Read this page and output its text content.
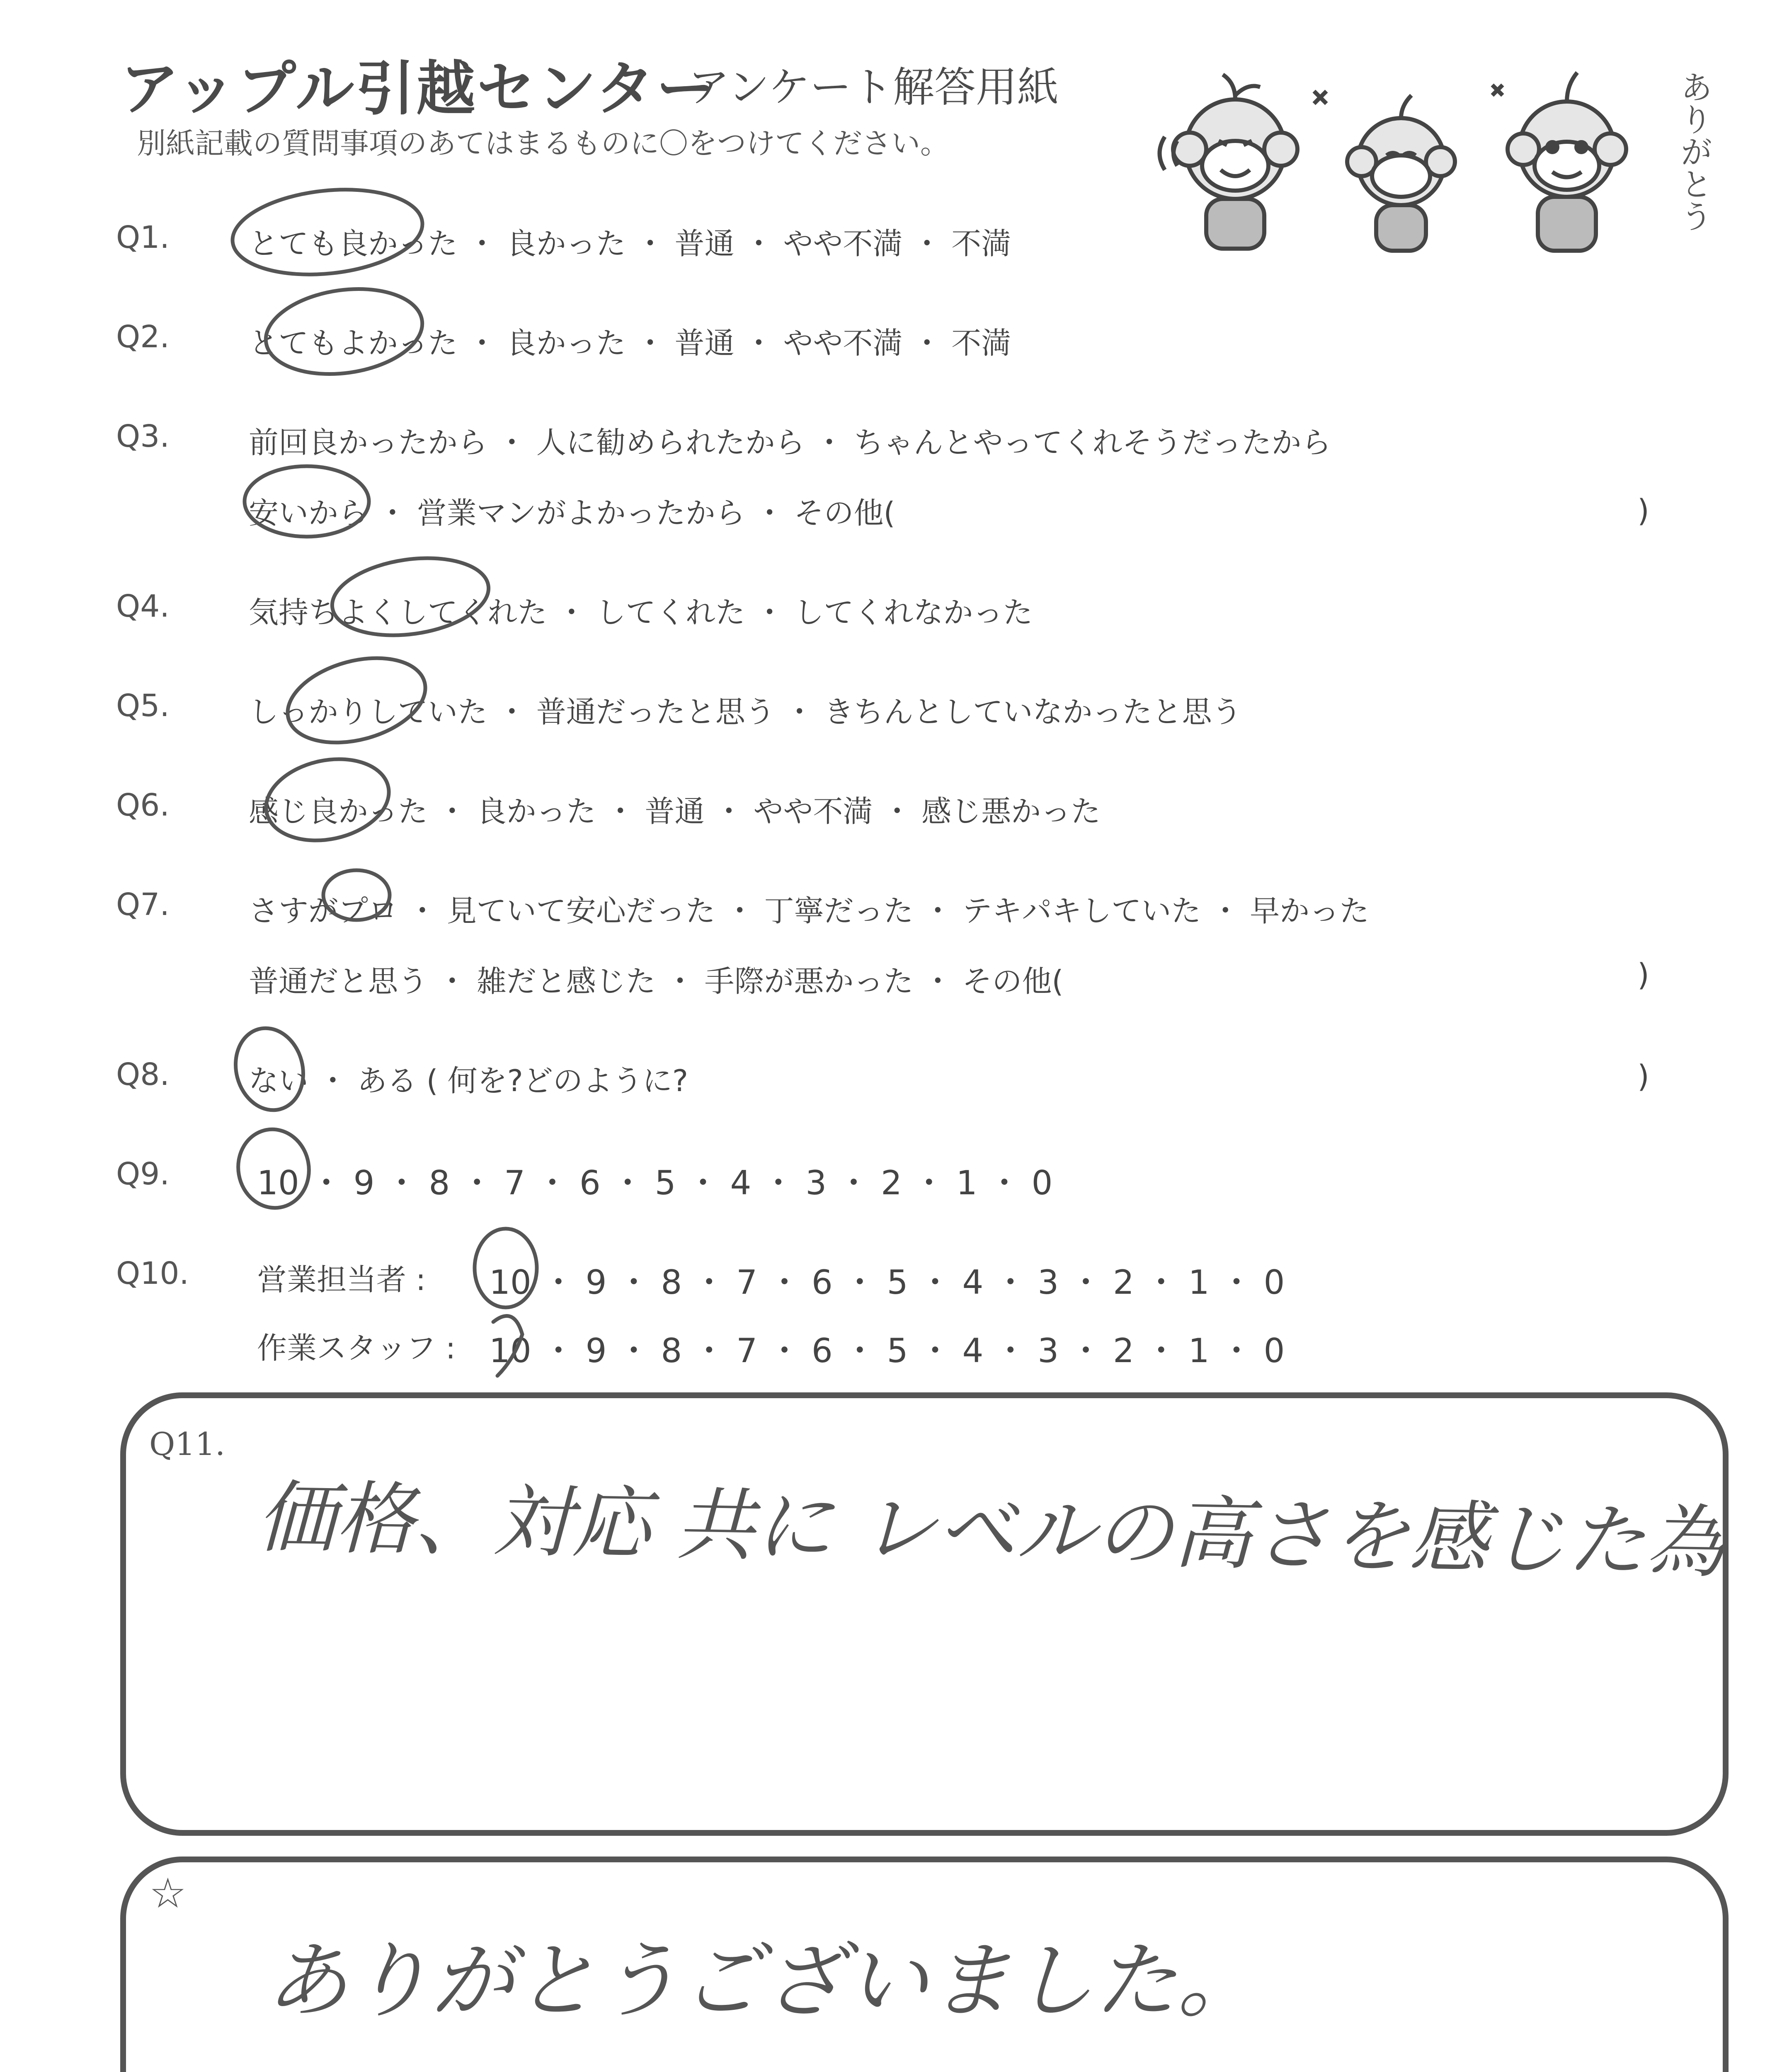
アップル引越センター
アンケート解答用紙
別紙記載の質問事項のあてはまるものに〇をつけてください。	ありがとう
Q1.	とても良かった ・ 良かった ・ 普通 ・ やや不満 ・ 不満
Q2.	とてもよかった ・ 良かった ・ 普通 ・ やや不満 ・ 不満
Q3.	前回良かったから ・ 人に勧められたから ・ ちゃんとやってくれそうだったから
安いから ・ 営業マンがよかったから ・ その他(	)
Q4.	気持ちよくしてくれた ・ してくれた ・ してくれなかった
Q5.	しっかりしていた ・ 普通だったと思う ・ きちんとしていなかったと思う
Q6.	感じ良かった ・ 良かった ・ 普通 ・ やや不満 ・ 感じ悪かった
Q7.	さすがプロ ・ 見ていて安心だった ・ 丁寧だった ・ テキパキしていた ・ 早かった
普通だと思う ・ 雑だと感じた ・ 手際が悪かった ・ その他(	)
Q8.	ない ・ ある ( 何を?どのように?	)
Q9.	10 ・ 9 ・ 8 ・ 7 ・ 6 ・ 5 ・ 4 ・ 3 ・ 2 ・ 1 ・ 0
Q10. 営業担当者 : 10 ・ 9 ・ 8 ・ 7 ・ 6 ・ 5 ・ 4 ・ 3 ・ 2 ・ 1 ・ 0
作業スタッフ : 10 ・ 9 ・ 8 ・ 7 ・ 6 ・ 5 ・ 4 ・ 3 ・ 2 ・ 1 ・ 0
Q11.
価格、対応 共に レベルの高さを感じた為
☆
ありがとうございました。
